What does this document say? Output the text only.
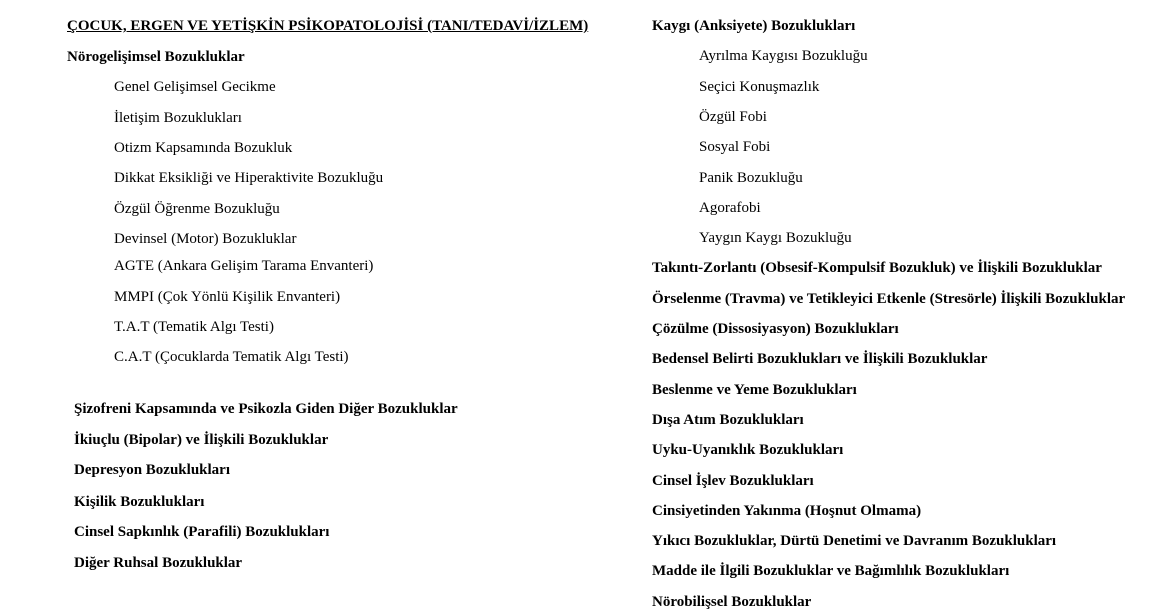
ÇOCUK, ERGEN VE YETİŞKİN PSİKOPATOLOJİSİ (TANI/TEDAVİ/İZLEM)
Nörogelişimsel Bozukluklar
Genel Gelişimsel Gecikme
İletişim Bozuklukları
Otizm Kapsamında Bozukluk
Dikkat Eksikliği ve Hiperaktivite Bozukluğu
Özgül Öğrenme Bozukluğu
Devinsel (Motor) Bozukluklar
AGTE (Ankara Gelişim Tarama Envanteri)
MMPI (Çok Yönlü Kişilik Envanteri)
T.A.T (Tematik Algı Testi)
C.A.T (Çocuklarda Tematik Algı Testi)
Şizofreni Kapsamında ve Psikozla Giden Diğer Bozukluklar
İkiuçlu (Bipolar) ve İlişkili Bozukluklar
Depresyon Bozuklukları
Kişilik Bozuklukları
Cinsel Sapkınlık (Parafili) Bozuklukları
Diğer Ruhsal Bozukluklar
Kaygı (Anksiyete) Bozuklukları
Ayrılma Kaygısı Bozukluğu
Seçici Konuşmazlık
Özgül Fobi
Sosyal Fobi
Panik Bozukluğu
Agorafobi
Yaygın Kaygı Bozukluğu
Takıntı-Zorlantı (Obsesif-Kompulsif Bozukluk) ve İlişkili Bozukluklar
Örselenme (Travma) ve Tetikleyici Etkenle (Stresörle) İlişkili Bozukluklar
Çözülme (Dissosiyasyon) Bozuklukları
Bedensel Belirti Bozuklukları ve İlişkili Bozukluklar
Beslenme ve Yeme Bozuklukları
Dışa Atım Bozuklukları
Uyku-Uyanıklık Bozuklukları
Cinsel İşlev Bozuklukları
Cinsiyetinden Yakınma (Hoşnut Olmama)
Yıkıcı Bozukluklar, Dürtü Denetimi ve Davranım Bozuklukları
Madde ile İlgili Bozukluklar ve Bağımlılık Bozuklukları
Nörobilişsel Bozukluklar
